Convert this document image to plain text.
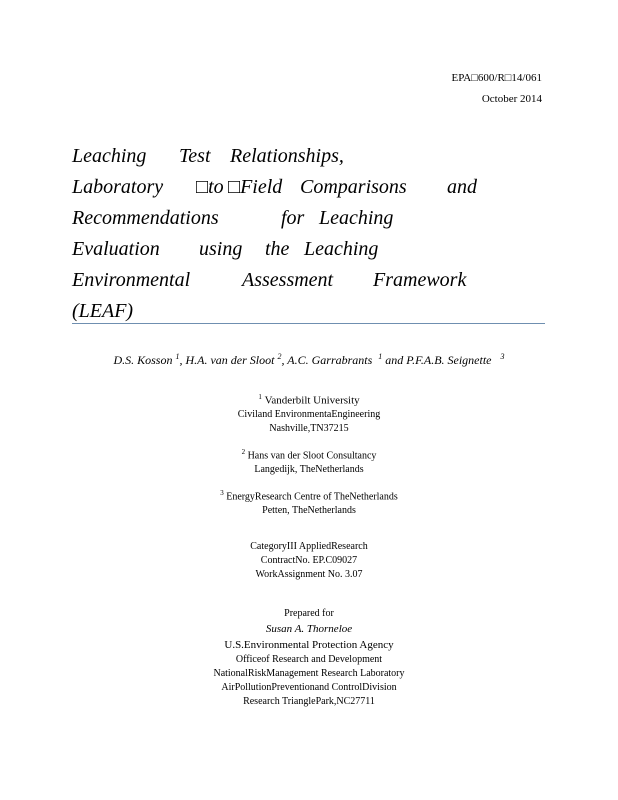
EPA□600/R□14/061
October 2014
Leaching Test Relationships,
Laboratory □to □Field Comparisons and
Recommendations	for Leaching
Evaluation using the Leaching
Environmental	Assessment Framework
(LEAF)
D.S. Kosson $^1$, H.A. van der Sloot $^2$, A.C. Garrabrants $^1$ and P.F.A.B. Seignette $^3$
$^1$ Vanderbilt University
Civiland EnvironmentaEngineering
Nashville,TN37215
$^2$ Hans van der Sloot Consultancy
Langedijk, TheNetherlands
$^3$ EnergyResearch Centre of TheNetherlands
Petten, TheNetherlands
CategoryIII AppliedResearch
ContractNo. EP.C09027
WorkAssignment No. 3.07
Prepared for
Susan A. Thorneloe
U.S.Environmental Protection Agency
Officeof Research and Development
NationalRiskManagement Research Laboratory
AirPollutionPreventionand ControlDivision
Research TrianglePark,NC27711
